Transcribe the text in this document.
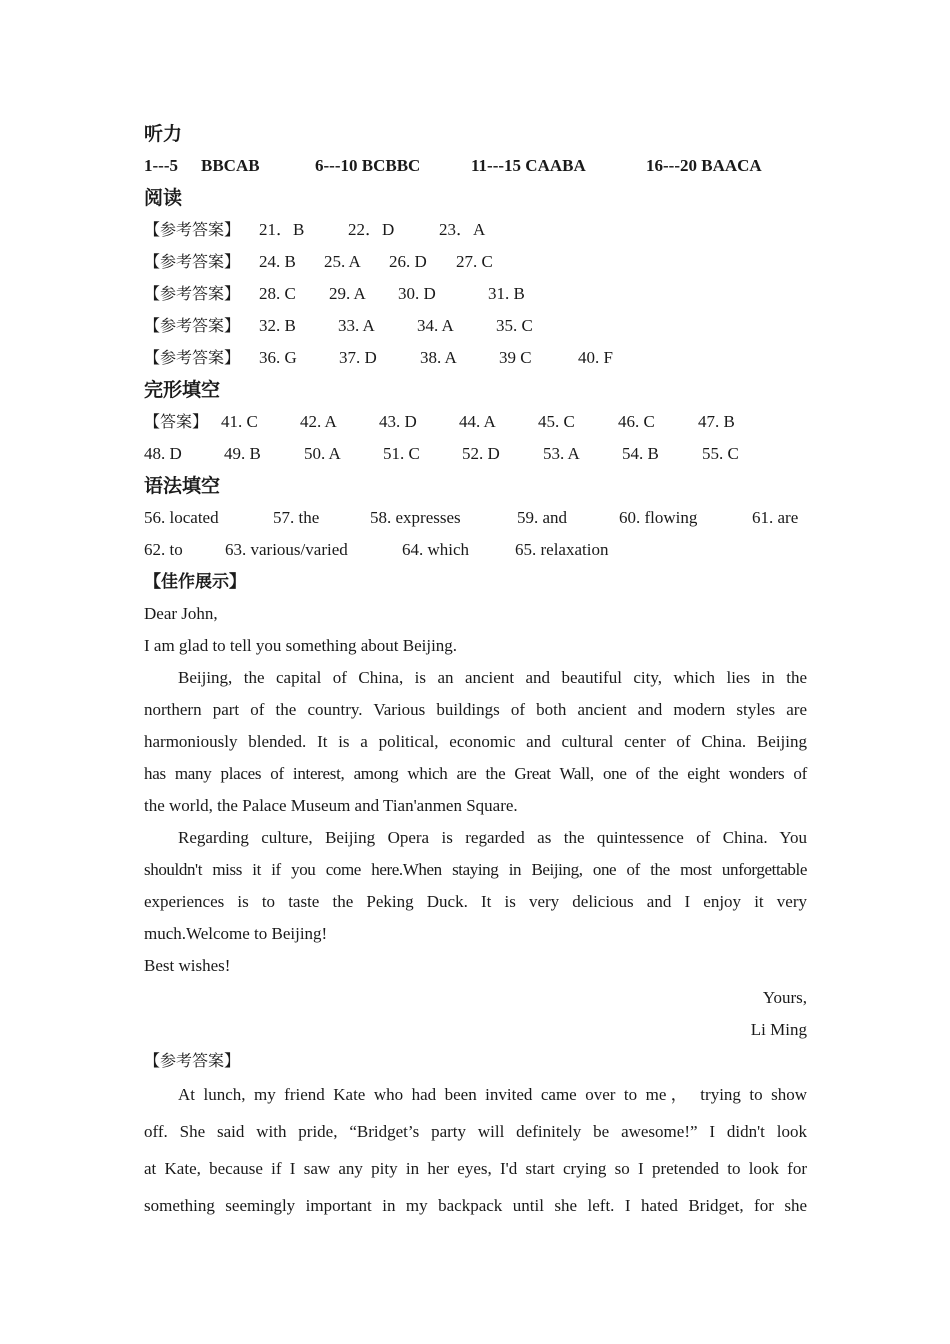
听力
1---5 BBCAB	6---10 BCBBC	11---15 CAABA	16---20 BAACA
阅读
【参考答案】 21．B	22．D	23．A
【参考答案】 24. B 25. A 26. D 27. C
【参考答案】 28. C 29. A 30. D	31. B
【参考答案】 32. B 33. A 34. A 35. C
【参考答案】 36. G 37. D	38. A 39 C	40. F
完形填空
【答案】 41. C 42. A 43. D 44. A 45. C	46. C	47. B
48. D 49. B	50. A 51. C 52. D	53. A 54. B	55. C
语法填空
56. located	57. the	58. expresses	59. and	60. flowing	61. are
62. to 63. various/varied	64. which	65. relaxation
【佳作展示】
Dear John,
I am glad to tell you something about Beijing.
Beijing, the capital of China, is an ancient and beautiful city, which lies in the
northern part of the country. Various buildings of both ancient and modern styles are
harmoniously blended. It is a political, economic and cultural center of China. Beijing
has many places of interest, among which are the Great Wall, one of the eight wonders of
the world, the Palace Museum and Tian'anmen Square.
Regarding culture, Beijing Opera is regarded as the quintessence of China. You
shouldn't miss it if you come here.When staying in Beijing, one of the most unforgettable
experiences is to taste the Peking Duck. It is very delicious and I enjoy it very
much.Welcome to Beijing!
Best wishes!
Yours,
Li Ming
【参考答案】
At lunch, my friend Kate who had been invited came over to me， trying to show
off. She said with pride, “Bridget’s party will definitely be awesome!” I didn't look
at Kate, because if I saw any pity in her eyes, I'd start crying so I pretended to look for
something seemingly important in my backpack until she left. I hated Bridget, for she
